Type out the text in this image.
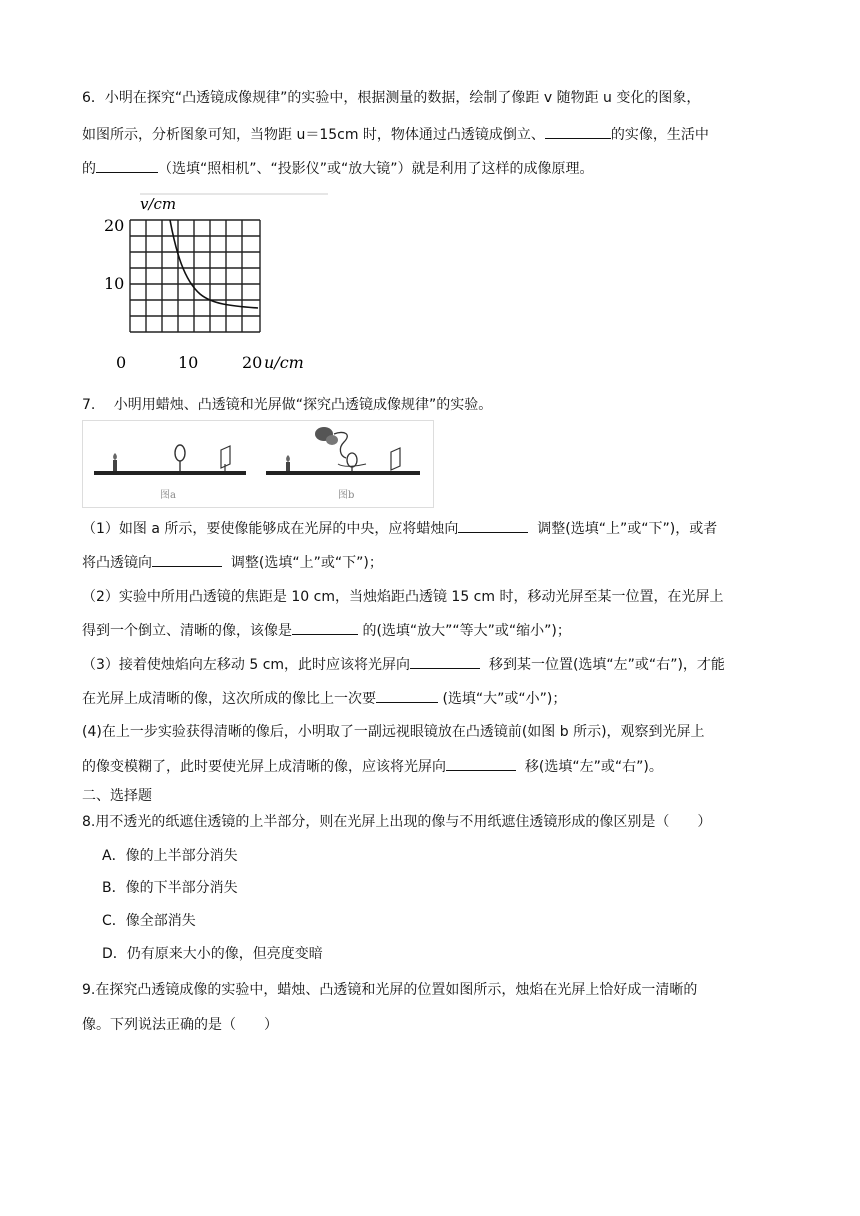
6．小明在探究“凸透镜成像规律”的实验中，根据测量的数据，绘制了像距 v 随物距 u 变化的图象，
如图所示，分析图象可知，当物距 u＝15cm 时，物体通过凸透镜成倒立、	的实像，生活中
的	（选填“照相机”、“投影仪”或“放大镜”）就是利用了这样的成像原理。
v/cm
20
10
0	10	20 u/cm
7.　 小明用蜡烛、凸透镜和光屏做“探究凸透镜成像规律”的实验。
图a	图b
（1）如图 a 所示，要使像能够成在光屏的中央，应将蜡烛向	调整(选填“上”或“下”)，或者
将凸透镜向	调整(选填“上”或“下”)；
（2）实验中所用凸透镜的焦距是 10 cm，当烛焰距凸透镜 15 cm 时，移动光屏至某一位置，在光屏上
得到一个倒立、清晰的像，该像是	的(选填“放大”“等大”或“缩小”)；
（3）接着使烛焰向左移动 5 cm，此时应该将光屏向	移到某一位置(选填“左”或“右”)，才能
在光屏上成清晰的像，这次所成的像比上一次要	(选填“大”或“小”)；
(4)在上一步实验获得清晰的像后，小明取了一副远视眼镜放在凸透镜前(如图 b 所示)，观察到光屏上
的像变模糊了，此时要使光屏上成清晰的像，应该将光屏向	移(选填“左”或“右”)。
二、选择题
8.用不透光的纸遮住透镜的上半部分，则在光屏上出现的像与不用纸遮住透镜形成的像区别是（　　）
A．像的上半部分消失
B．像的下半部分消失
C．像全部消失
D．仍有原来大小的像，但亮度变暗
9.在探究凸透镜成像的实验中，蜡烛、凸透镜和光屏的位置如图所示，烛焰在光屏上恰好成一清晰的
像。下列说法正确的是（　　）
